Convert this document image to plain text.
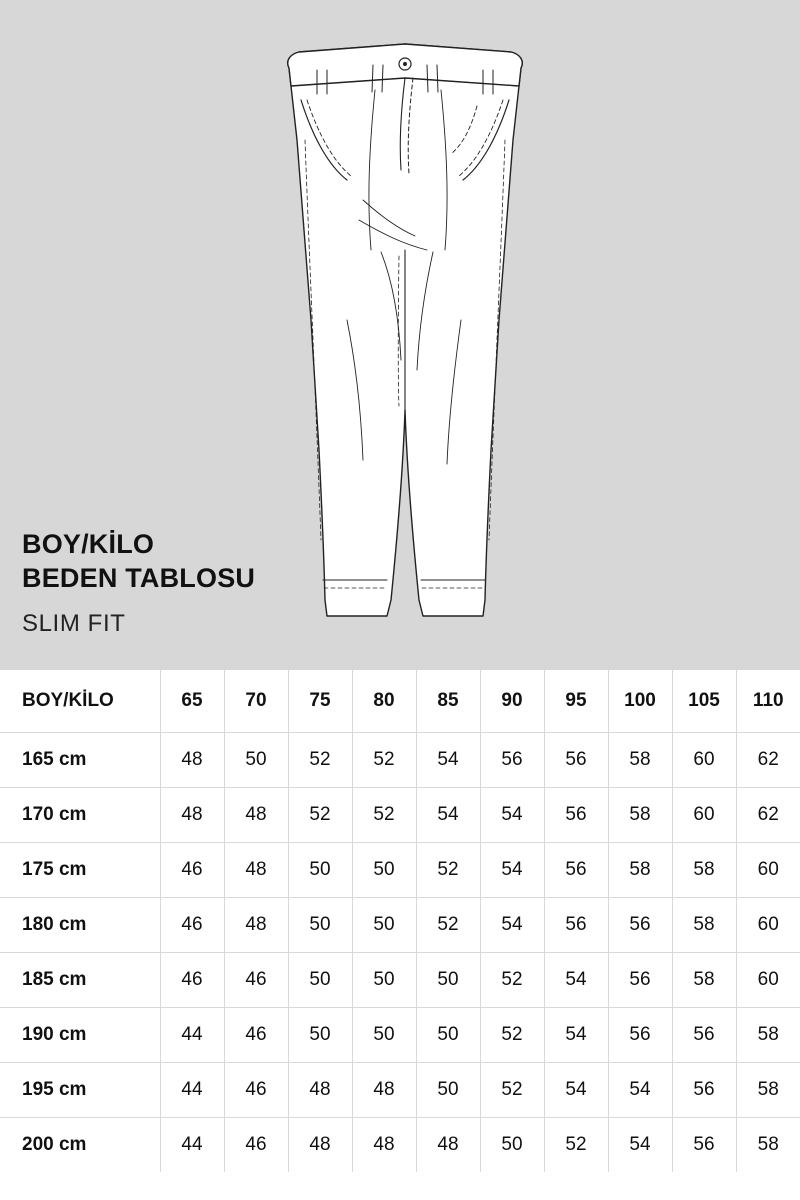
BOY/KİLO
BEDEN TABLOSU
SLIM FIT
BOY/KİLO	65	70	75	80	85	90	95	100	105	110
165 cm	48	50	52	52	54	56	56	58	60	62
170 cm	48	48	52	52	54	54	56	58	60	62
175 cm	46	48	50	50	52	54	56	58	58	60
180 cm	46	48	50	50	52	54	56	56	58	60
185 cm	46	46	50	50	50	52	54	56	58	60
190 cm	44	46	50	50	50	52	54	56	56	58
195 cm	44	46	48	48	50	52	54	54	56	58
200 cm	44	46	48	48	48	50	52	54	56	58
